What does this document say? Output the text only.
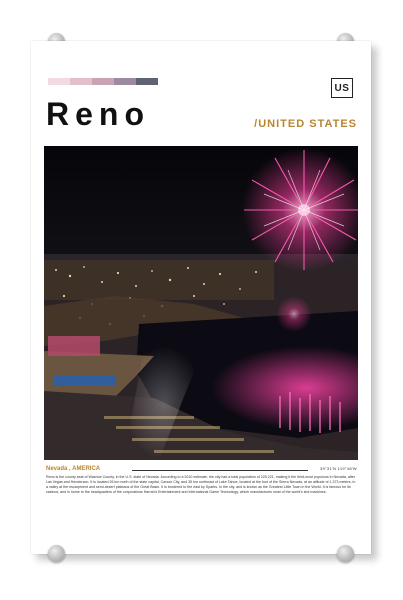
US
Reno	/UNITED STATES
Nevada , AMERICA	39°31'N 119°48'W
Reno is the county seat of Washoe County, in the U.S. state of Nevada. According to a 2010 estimate, the city had a total population of 225,221, making it the third-most populous in Nevada, after Las Vegas and Henderson. It is located 26 km north of the state capital, Carson City, and 35 km northeast of Lake Tahoe, located at the foot of the Sierra Nevada, at an altitude of 1,373 meters, in a valley at the escarpment and semi-desert plateaus of the Great Basin. It is bordered to the east by Sparks. In the city, and is known as the Greatest Little Town in the World. It is famous for its casinos, and is home to the headquarters of the corporations Harrah's Entertainment and International Game Technology, which manufactures most of the world's slot machines.
